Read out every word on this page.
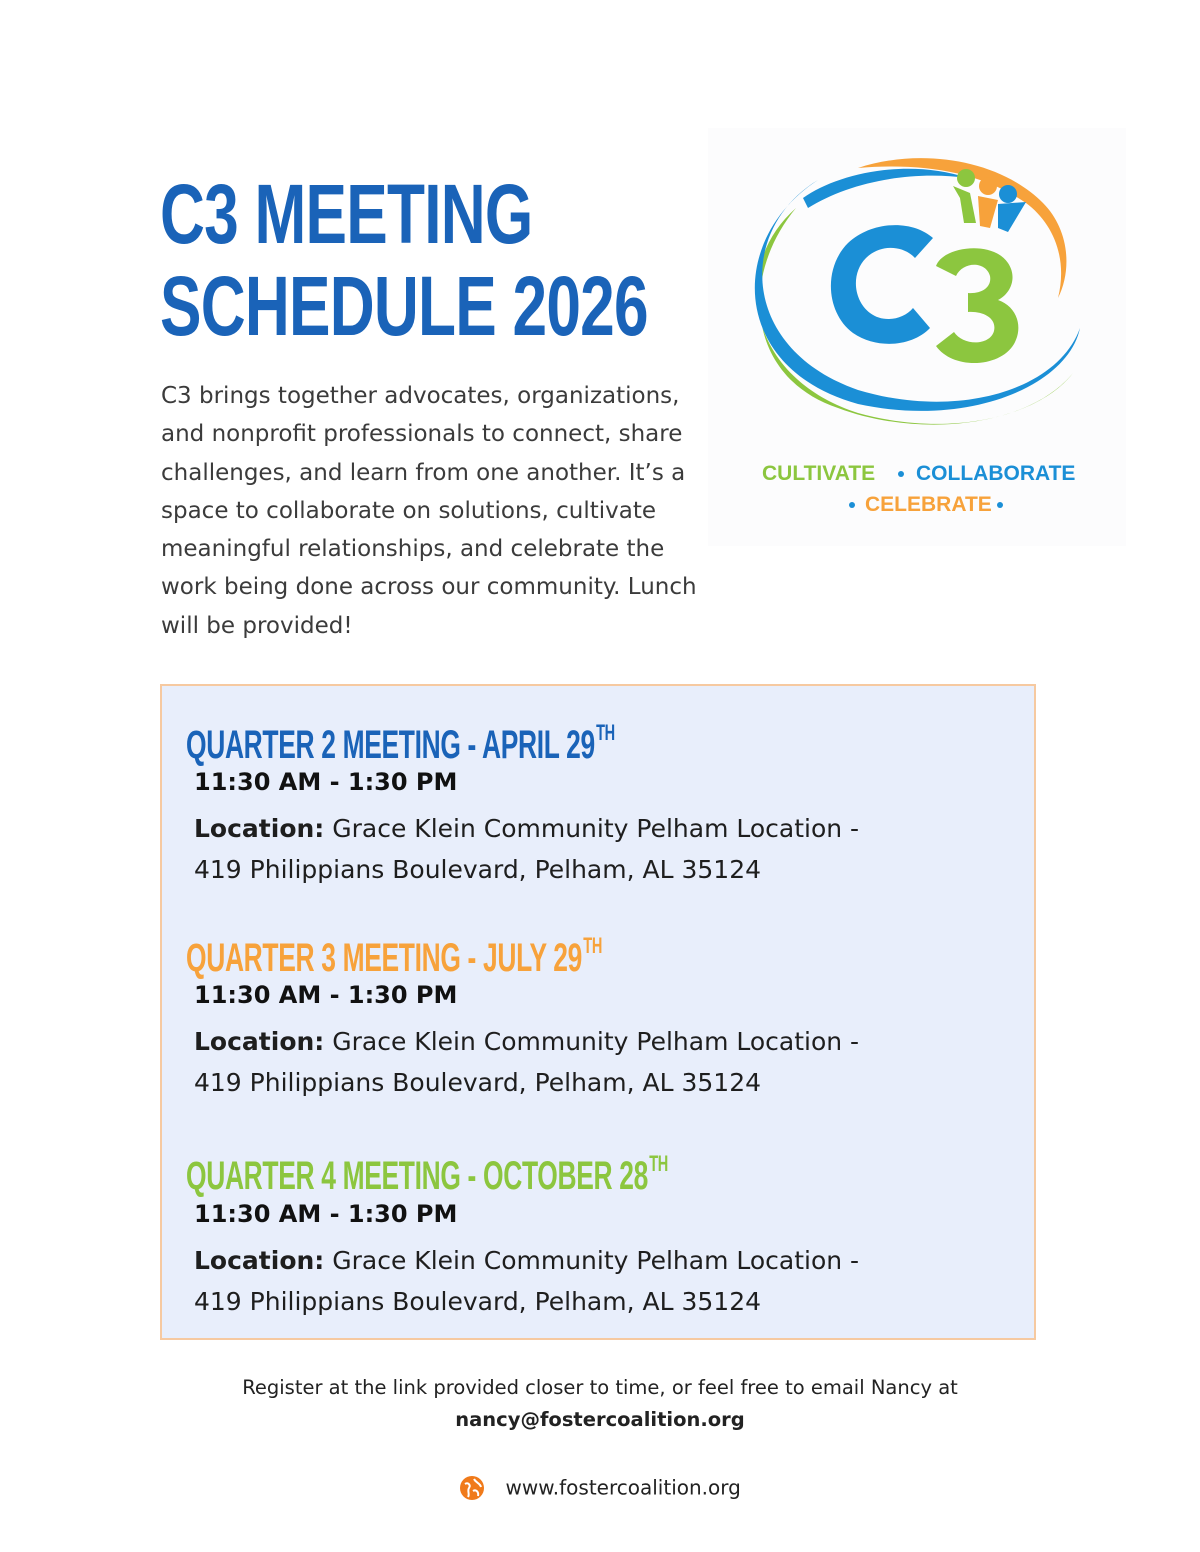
C3 MEETING
SCHEDULE 2026

C3 brings together advocates, organizations, and nonprofit professionals to connect, share challenges, and learn from one another. It’s a space to collaborate on solutions, cultivate meaningful relationships, and celebrate the work being done across our community. Lunch will be provided!

CULTIVATE COLLABORATE
CELEBRATE
QUARTER 2 MEETING - APRIL 29TH

11:30 AM - 1:30 PM

Location: Grace Klein Community Pelham Location -
419 Philippians Boulevard, Pelham, AL 35124

QUARTER 3 MEETING - JULY 29TH

11:30 AM - 1:30 PM

Location: Grace Klein Community Pelham Location -
419 Philippians Boulevard, Pelham, AL 35124

QUARTER 4 MEETING - OCTOBER 28TH

11:30 AM - 1:30 PM

Location: Grace Klein Community Pelham Location -
419 Philippians Boulevard, Pelham, AL 35124

Register at the link provided closer to time, or feel free to email Nancy at
nancy@fostercoalition.org
www.fostercoalition.org
